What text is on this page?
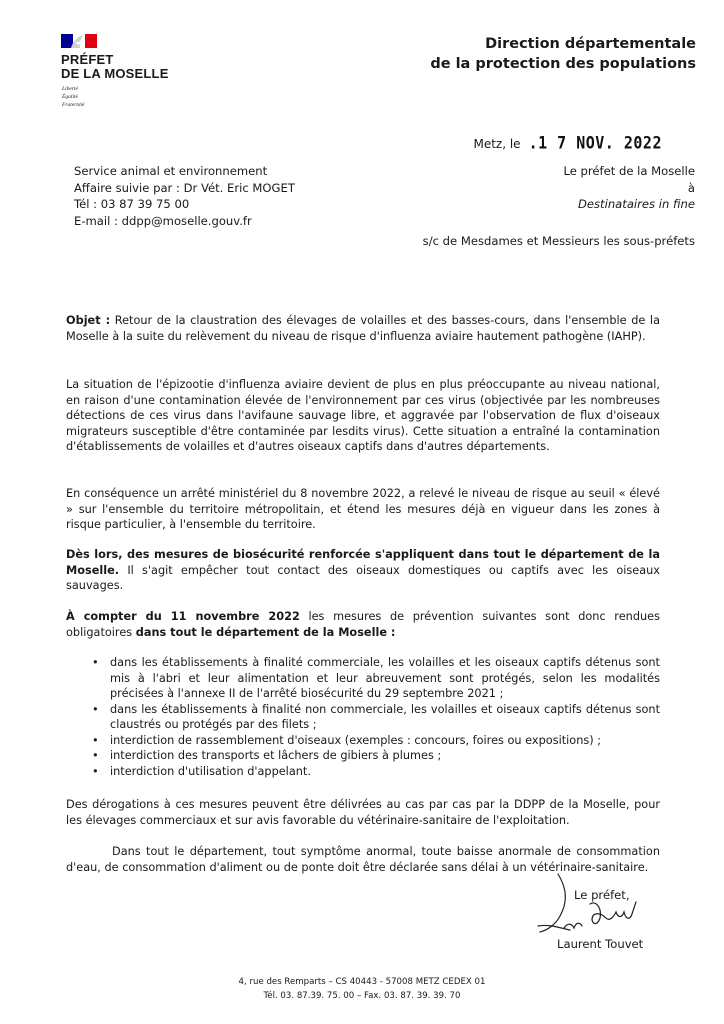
PRÉFET
DE LA MOSELLE
Liberté
Égalité
Fraternité
Direction départementale
de la protection des populations
Metz, le .1 7 NOV. 2022
Service animal et environnement
Affaire suivie par : Dr Vét. Eric MOGET
Tél : 03 87 39 75 00
E-mail : ddpp@moselle.gouv.fr
Le préfet de la Moselle
à
Destinataires in fine
s/c de Mesdames et Messieurs les sous-préfets

Objet : Retour de la claustration des élevages de volailles et des basses-cours, dans l'ensemble de la Moselle à la suite du relèvement du niveau de risque d'influenza aviaire hautement pathogène (IAHP).

La situation de l'épizootie d'influenza aviaire devient de plus en plus préoccupante au niveau national, en raison d'une contamination élevée de l'environnement par ces virus (objectivée par les nombreuses détections de ces virus dans l'avifaune sauvage libre, et aggravée par l'observation de flux d'oiseaux migrateurs susceptible d'être contaminée par lesdits virus). Cette situation a entraîné la contamination d'établissements de volailles et d'autres oiseaux captifs dans d'autres départements.

En conséquence un arrêté ministériel du 8 novembre 2022, a relevé le niveau de risque au seuil « élevé » sur l'ensemble du territoire métropolitain, et étend les mesures déjà en vigueur dans les zones à risque particulier, à l'ensemble du territoire.

Dès lors, des mesures de biosécurité renforcée s'appliquent dans tout le département de la Moselle. Il s'agit empêcher tout contact des oiseaux domestiques ou captifs avec les oiseaux sauvages.

À compter du 11 novembre 2022 les mesures de prévention suivantes sont donc rendues obligatoires dans tout le département de la Moselle :

•	dans les établissements à finalité commerciale, les volailles et les oiseaux captifs détenus sont mis à l'abri et leur alimentation et leur abreuvement sont protégés, selon les modalités précisées à l'annexe II de l'arrêté biosécurité du 29 septembre 2021 ;
•	dans les établissements à finalité non commerciale, les volailles et oiseaux captifs détenus sont claustrés ou protégés par des filets ;
•	interdiction de rassemblement d'oiseaux (exemples : concours, foires ou expositions) ;
•	interdiction des transports et lâchers de gibiers à plumes ;
•	interdiction d'utilisation d'appelant.

Des dérogations à ces mesures peuvent être délivrées au cas par cas par la DDPP de la Moselle, pour les élevages commerciaux et sur avis favorable du vétérinaire-sanitaire de l'exploitation.

Dans tout le département, tout symptôme anormal, toute baisse anormale de consommation d'eau, de consommation d'aliment ou de ponte doit être déclarée sans délai à un vétérinaire-sanitaire.

Le préfet,
Laurent Touvet
4, rue des Remparts – CS 40443 - 57008 METZ CEDEX 01
Tél. 03. 87.39. 75. 00 – Fax. 03. 87. 39. 39. 70
